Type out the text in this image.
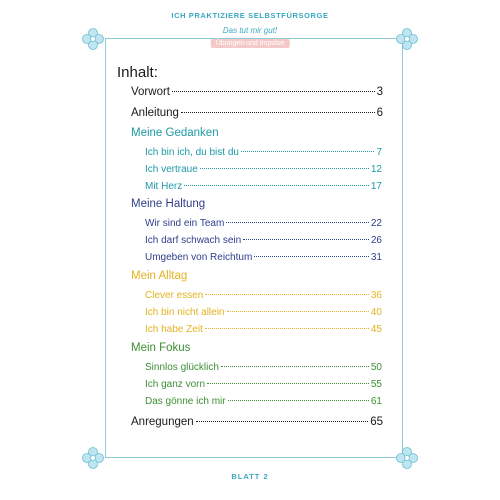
ICH PRAKTIZIERE SELBSTFÜRSORGE
Das tut mir gut!
Übungen und Impulse
Inhalt:
Vorwort	3
Anleitung	6
Meine Gedanken
Ich bin ich, du bist du	7
Ich vertraue	12
Mit Herz	17
Meine Haltung
Wir sind ein Team	22
Ich darf schwach sein	26
Umgeben von Reichtum	31
Mein Alltag
Clever essen	36
Ich bin nicht allein	40
Ich habe Zeit	45
Mein Fokus
Sinnlos glücklich	50
Ich ganz vorn	55
Das gönne ich mir	61
Anregungen	65
BLATT 2
